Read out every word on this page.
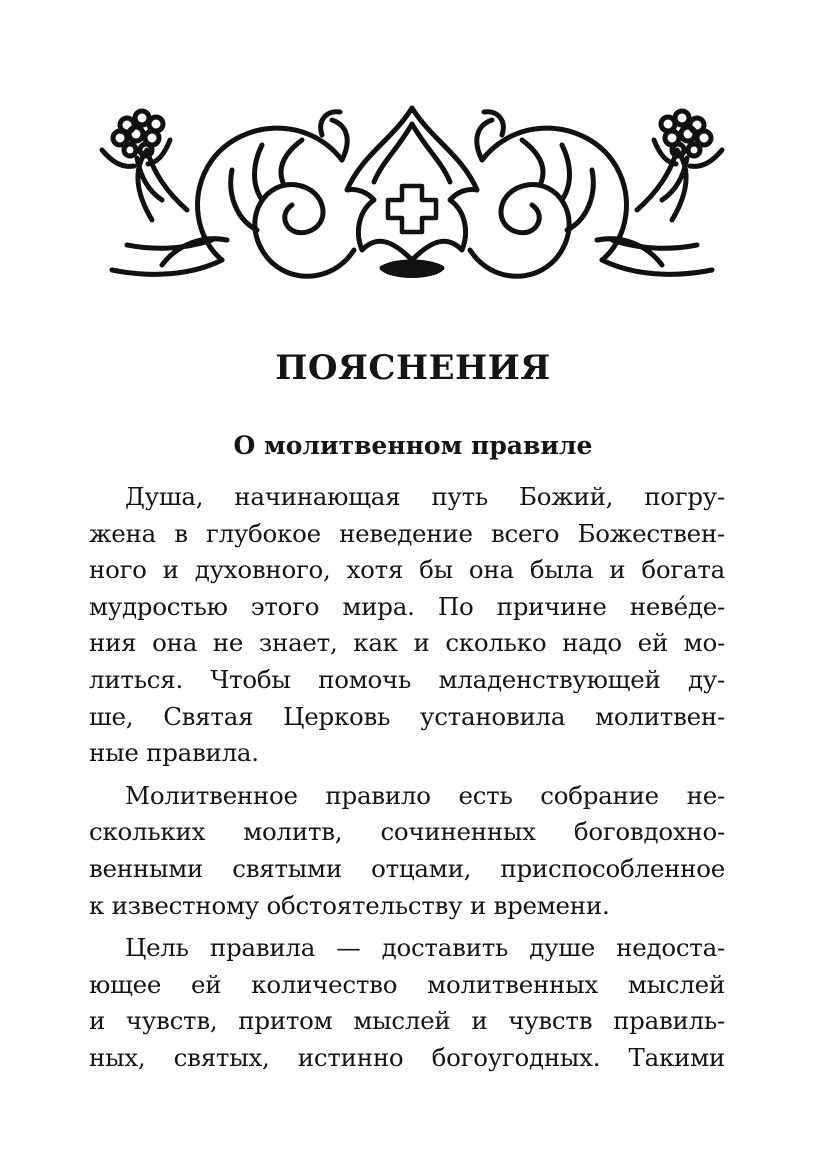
ПОЯСНЕНИЯ
О молитвенном правиле
Душа, начинающая путь Божий, погру-
жена в глубокое неведение всего Божествен-
ного и духовного, хотя бы она была и богата
мудростью этого мира. По причине неве́де-
ния она не знает, как и сколько надо ей мо-
литься. Чтобы помочь младенствующей ду-
ше, Святая Церковь установила молитвен-
ные правила.
Молитвенное правило есть собрание не-
скольких молитв, сочиненных боговдохно-
венными святыми отцами, приспособленное
к известному обстоятельству и времени.
Цель правила — доставить душе недоста-
ющее ей количество молитвенных мыслей
и чувств, притом мыслей и чувств правиль-
ных, святых, истинно богоугодных. Такими
